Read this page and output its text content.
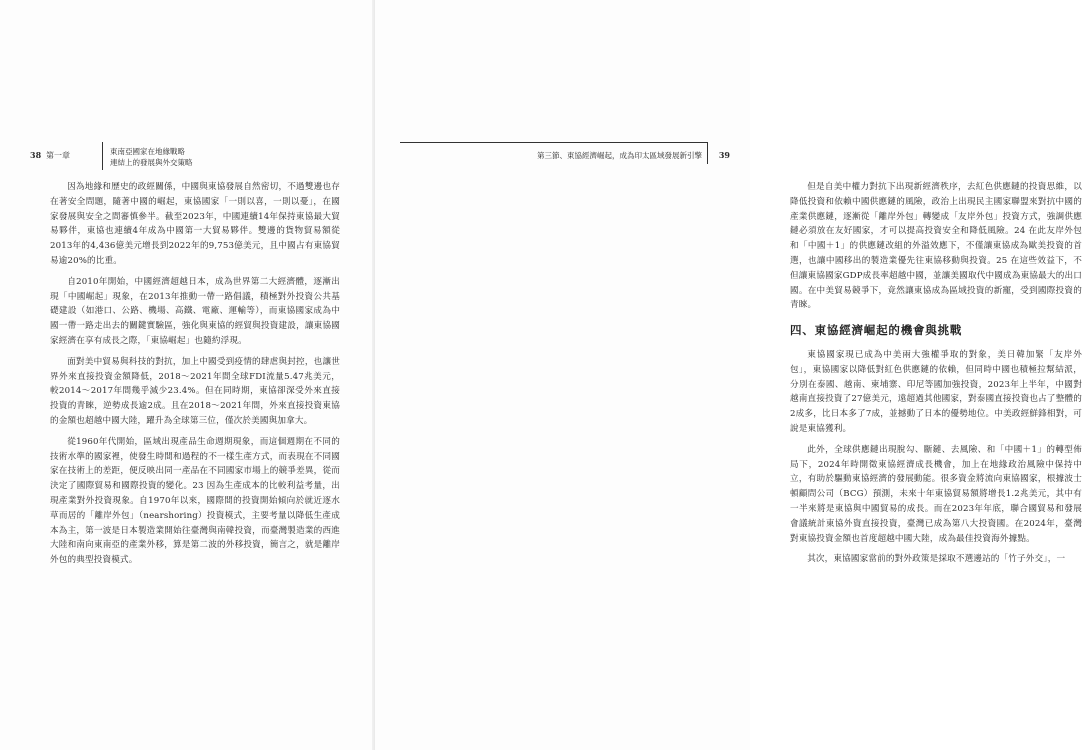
38 第一章	東南亞國家在地緣戰略
連結上的發展與外交策略

因為地緣和歷史的政經關係，中國與東協發展自然密切，不過雙邊也存在著安全問題，隨著中國的崛起，東協國家「一則以喜，一則以憂」，在國家發展與安全之間審慎參半。截至2023年，中國連續14年保持東協最大貿易夥伴，東協也連續4年成為中國第一大貿易夥伴。雙邊的貨物貿易額從2013年的4,436億美元增長到2022年的9,753億美元，且中國占有東協貿易逾20%的比重。

自2010年開始，中國經濟超越日本，成為世界第二大經濟體，逐漸出現「中國崛起」現象，在2013年推動一帶一路倡議，積極對外投資公共基礎建設（如港口、公路、機場、高鐵、電廠、運輸等），而東協國家成為中國一帶一路走出去的關鍵實驗區，強化與東協的經貿與投資建設，讓東協國家經濟在享有成長之際，「東協崛起」也隨約浮現。

面對美中貿易與科技的對抗，加上中國受到疫情的肆虐與封控，也讓世界外來直接投資金額降低，2018～2021年間全球FDI流量5.47兆美元，較2014～2017年間幾乎減少23.4%。但在同時期，東協卻深受外來直接投資的青睞，逆勢成長逾2成。且在2018～2021年間，外來直接投資東協的金額也超越中國大陸，躍升為全球第三位，僅次於美國與加拿大。

從1960年代開始，區域出現產品生命週期現象，而這個週期在不同的技術水準的國家裡，使發生時間和過程的不一樣生產方式，而表現在不同國家在技術上的差距，便反映出同一產品在不同國家市場上的競爭差異，從而決定了國際貿易和國際投資的變化。23 因為生產成本的比較利益考量，出現產業對外投資現象。自1970年以來，國際間的投資開始傾向於就近逐水草而居的「離岸外包」（nearshoring）投資模式，主要考量以降低生產成本為主，第一波是日本製造業開始往臺灣與南韓投資，而臺灣製造業的西進大陸和南向東南亞的產業外移，算是第二波的外移投資，簡言之，就是離岸外包的典型投資模式。

第三節、東協經濟崛起，成為印太區域發展新引擎 39

但是自美中權力對抗下出現新經濟秩序，去紅色供應鏈的投資思維，以降低投資和依賴中國供應鏈的風險，政治上出現民主國家聯盟來對抗中國的產業供應鏈，逐漸從「離岸外包」轉變成「友岸外包」投資方式，強調供應鏈必須放在友好國家，才可以提高投資安全和降低風險。24 在此友岸外包和「中國＋1」的供應鏈改組的外溢效應下，不僅讓東協成為歐美投資的首選，也讓中國移出的製造業優先往東協移動與投資。25 在這些效益下，不但讓東協國家GDP成長率超越中國，並讓美國取代中國成為東協最大的出口國。在中美貿易競爭下，竟然讓東協成為區域投資的新寵，受到國際投資的青睞。

四、東協經濟崛起的機會與挑戰

東協國家現已成為中美兩大強權爭取的對象，美日韓加緊「友岸外包」，東協國家以降低對紅色供應鏈的依賴，但同時中國也積極拉幫結派，分別在泰國、越南、柬埔寨、印尼等國加強投資，2023年上半年，中國對越南直接投資了27億美元，遠超過其他國家，對泰國直接投資也占了整體的2成多，比日本多了7成，並撼動了日本的優勢地位。中美政經鮮鋒相對，可說是東協獲利。

此外，全球供應鏈出現脫勾、斷鏈、去風險、和「中國＋1」的轉型佈局下，2024年時開徵東協經濟成長機會，加上在地緣政治風險中保持中立，有助於驅動東協經濟的發展動能。很多資金將流向東協國家，根據波士頓顧問公司（BCG）預測，未來十年東協貿易額將增長1.2兆美元，其中有一半來將是東協與中國貿易的成長。而在2023年年底，聯合國貿易和發展會議統計東協外資直接投資，臺灣已成為第八大投資國。在2024年，臺灣對東協投資金額也首度超越中國大陸，成為最佳投資海外據點。

其次，東協國家當前的對外政策是採取不選邊站的「竹子外交」，一
